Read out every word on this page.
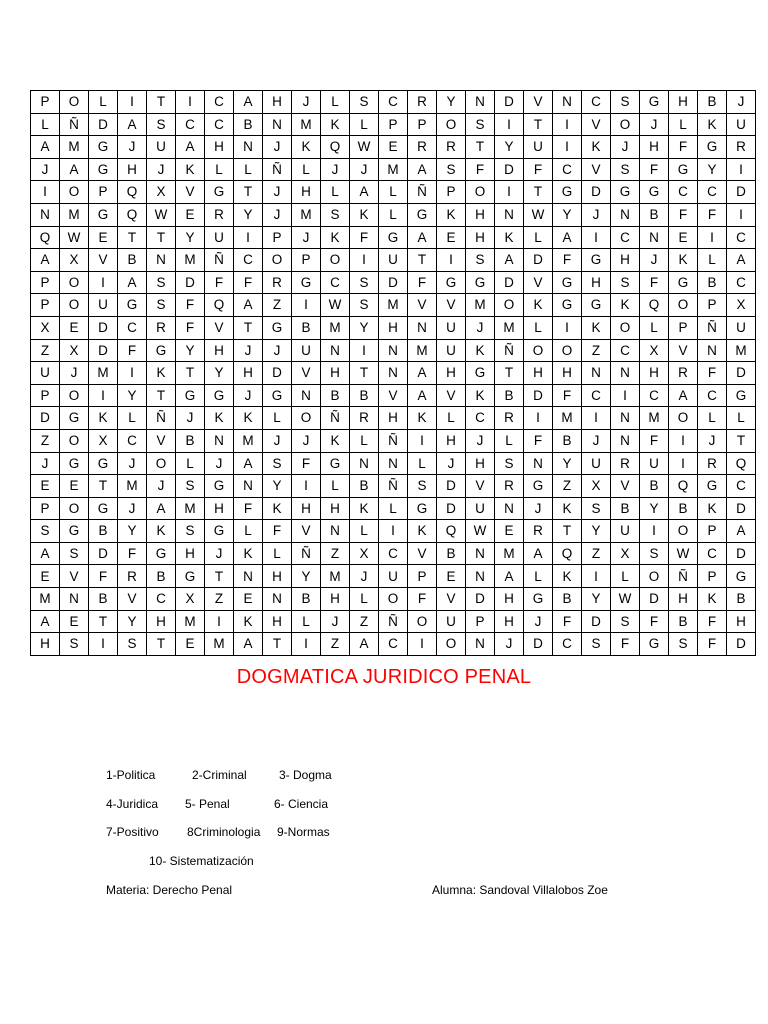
P	O	L	I	T	I	C	A	H	J	L	S	C	R	Y	N	D	V	N	C	S	G	H	B	J
L	Ñ	D	A	S	C	C	B	N	M	K	L	P	P	O	S	I	T	I	V	O	J	L	K	U
A	M	G	J	U	A	H	N	J	K	Q	W	E	R	R	T	Y	U	I	K	J	H	F	G	R
J	A	G	H	J	K	L	L	Ñ	L	J	J	M	A	S	F	D	F	C	V	S	F	G	Y	I
I	O	P	Q	X	V	G	T	J	H	L	A	L	Ñ	P	O	I	T	G	D	G	G	C	C	D
N	M	G	Q	W	E	R	Y	J	M	S	K	L	G	K	H	N	W	Y	J	N	B	F	F	I
Q	W	E	T	T	Y	U	I	P	J	K	F	G	A	E	H	K	L	A	I	C	N	E	I	C
A	X	V	B	N	M	Ñ	C	O	P	O	I	U	T	I	S	A	D	F	G	H	J	K	L	A
P	O	I	A	S	D	F	F	R	G	C	S	D	F	G	G	D	V	G	H	S	F	G	B	C
P	O	U	G	S	F	Q	A	Z	I	W	S	M	V	V	M	O	K	G	G	K	Q	O	P	X
X	E	D	C	R	F	V	T	G	B	M	Y	H	N	U	J	M	L	I	K	O	L	P	Ñ	U
Z	X	D	F	G	Y	H	J	J	U	N	I	N	M	U	K	Ñ	O	O	Z	C	X	V	N	M
U	J	M	I	K	T	Y	H	D	V	H	T	N	A	H	G	T	H	H	N	N	H	R	F	D
P	O	I	Y	T	G	G	J	G	N	B	B	V	A	V	K	B	D	F	C	I	C	A	C	G
D	G	K	L	Ñ	J	K	K	L	O	Ñ	R	H	K	L	C	R	I	M	I	N	M	O	L	L
Z	O	X	C	V	B	N	M	J	J	K	L	Ñ	I	H	J	L	F	B	J	N	F	I	J	T
J	G	G	J	O	L	J	A	S	F	G	N	N	L	J	H	S	N	Y	U	R	U	I	R	Q
E	E	T	M	J	S	G	N	Y	I	L	B	Ñ	S	D	V	R	G	Z	X	V	B	Q	G	C
P	O	G	J	A	M	H	F	K	H	H	K	L	G	D	U	N	J	K	S	B	Y	B	K	D
S	G	B	Y	K	S	G	L	F	V	N	L	I	K	Q	W	E	R	T	Y	U	I	O	P	A
A	S	D	F	G	H	J	K	L	Ñ	Z	X	C	V	B	N	M	A	Q	Z	X	S	W	C	D
E	V	F	R	B	G	T	N	H	Y	M	J	U	P	E	N	A	L	K	I	L	O	Ñ	P	G
M	N	B	V	C	X	Z	E	N	B	H	L	O	F	V	D	H	G	B	Y	W	D	H	K	B
A	E	T	Y	H	M	I	K	H	L	J	Z	Ñ	O	U	P	H	J	F	D	S	F	B	F	H
H	S	I	S	T	E	M	A	T	I	Z	A	C	I	O	N	J	D	C	S	F	G	S	F	D
DOGMATICA JURIDICO PENAL
1-Politica	2-Criminal	3- Dogma
4-Juridica 5- Penal	6- Ciencia
7-Positivo 8Criminologia 9-Normas
10- Sistematización
Materia: Derecho Penal	Alumna: Sandoval Villalobos Zoe
